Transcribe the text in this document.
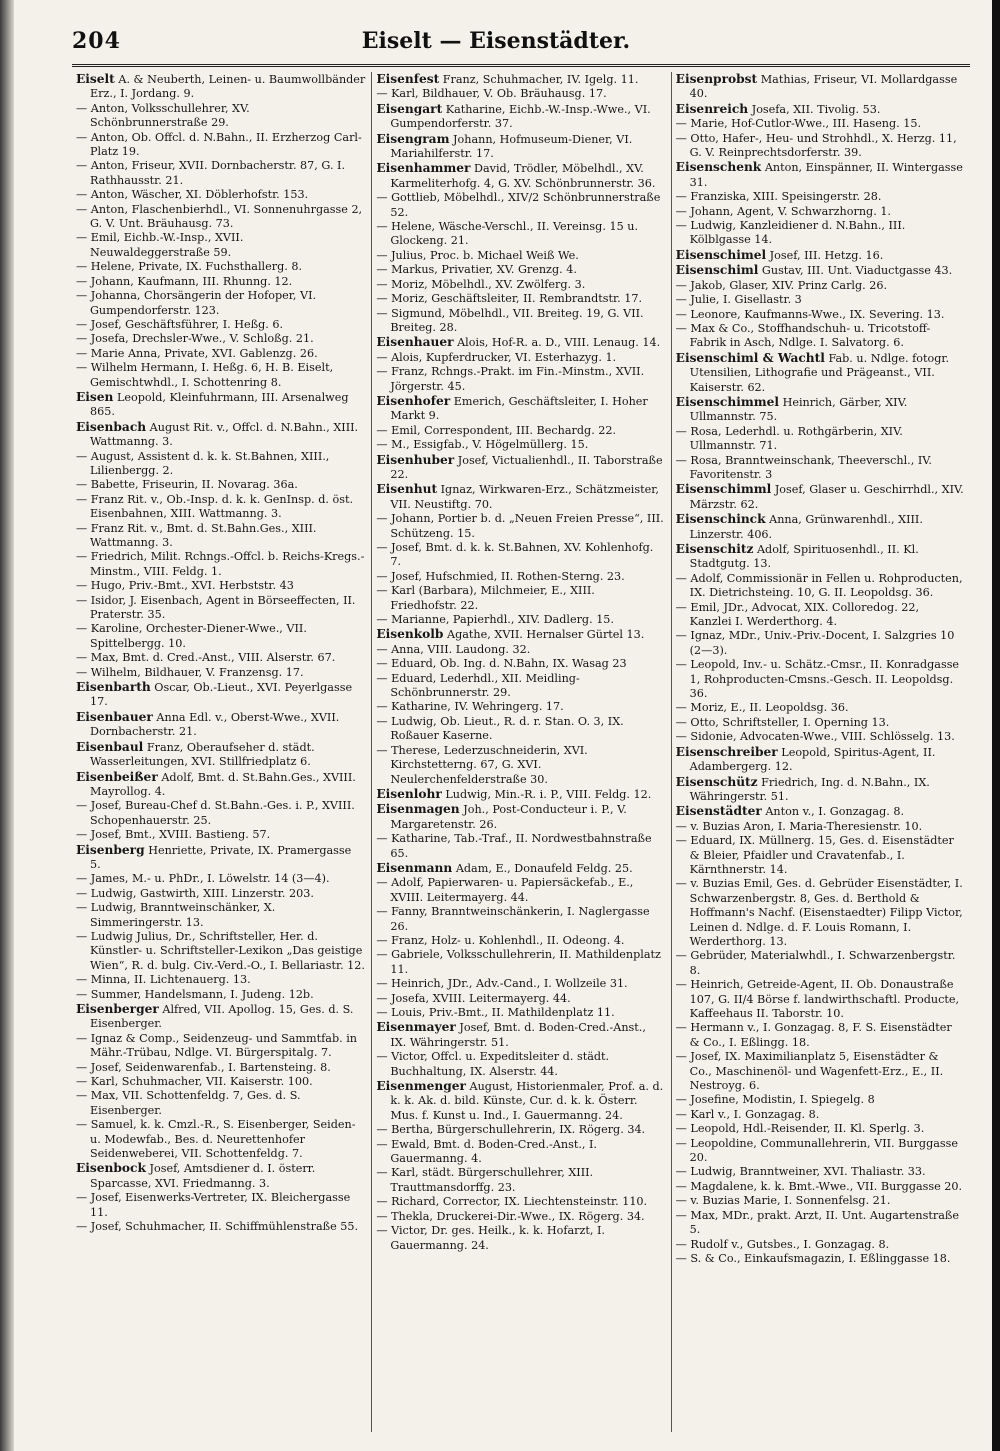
204	Eiselt — Eisenstädter.

Eiselt A. & Neuberth, Leinen- u. Baumwollbänder Erz., I. Jordang. 9.

— Anton, Volksschullehrer, XV. Schönbrunnerstraße 29.

— Anton, Ob. Offcl. d. N.Bahn., II. Erzherzog Carl-Platz 19.

— Anton, Friseur, XVII. Dornbacherstr. 87, G. I. Rathhausstr. 21.

— Anton, Wäscher, XI. Döblerhofstr. 153.

— Anton, Flaschenbierhdl., VI. Sonnenuhrgasse 2, G. V. Unt. Bräuhausg. 73.

— Emil, Eichb.-W.-Insp., XVII. Neuwaldeggerstraße 59.

— Helene, Private, IX. Fuchsthallerg. 8.

— Johann, Kaufmann, III. Rhunng. 12.

— Johanna, Chorsängerin der Hofoper, VI. Gumpendorferstr. 123.

— Josef, Geschäftsführer, I. Heßg. 6.

— Josefa, Drechsler-Wwe., V. Schloßg. 21.

— Marie Anna, Private, XVI. Gablenzg. 26.

— Wilhelm Hermann, I. Heßg. 6, H. B. Eiselt, Gemischtwhdl., I. Schottenring 8.

Eisen Leopold, Kleinfuhrmann, III. Arsenalweg 865.

Eisenbach August Rit. v., Offcl. d. N.Bahn., XIII. Wattmanng. 3.

— August, Assistent d. k. k. St.Bahnen, XIII., Lilienbergg. 2.

— Babette, Friseurin, II. Novarag. 36a.

— Franz Rit. v., Ob.-Insp. d. k. k. GenInsp. d. öst. Eisenbahnen, XIII. Wattmanng. 3.

— Franz Rit. v., Bmt. d. St.Bahn.Ges., XIII. Wattmanng. 3.

— Friedrich, Milit. Rchngs.-Offcl. b. Reichs-Kregs.-Minstm., VIII. Feldg. 1.

— Hugo, Priv.-Bmt., XVI. Herbststr. 43

— Isidor, J. Eisenbach, Agent in Börseeffecten, II. Praterstr. 35.

— Karoline, Orchester-Diener-Wwe., VII. Spittelbergg. 10.

— Max, Bmt. d. Cred.-Anst., VIII. Alserstr. 67.

— Wilhelm, Bildhauer, V. Franzensg. 17.

Eisenbarth Oscar, Ob.-Lieut., XVI. Peyerlgasse 17.

Eisenbauer Anna Edl. v., Oberst-Wwe., XVII. Dornbacherstr. 21.

Eisenbaul Franz, Oberaufseher d. städt. Wasserleitungen, XVI. Stillfriedplatz 6.

Eisenbeißer Adolf, Bmt. d. St.Bahn.Ges., XVIII. Mayrollog. 4.

— Josef, Bureau-Chef d. St.Bahn.-Ges. i. P., XVIII. Schopenhauerstr. 25.

— Josef, Bmt., XVIII. Bastieng. 57.

Eisenberg Henriette, Private, IX. Pramergasse 5.

— James, M.- u. PhDr., I. Löwelstr. 14 (3—4).

— Ludwig, Gastwirth, XIII. Linzerstr. 203.

— Ludwig, Branntweinschänker, X. Simmeringerstr. 13.

— Ludwig Julius, Dr., Schriftsteller, Her. d. Künstler- u. Schriftsteller-Lexikon „Das geistige Wien“, R. d. bulg. Civ.-Verd.-O., I. Bellariastr. 12.

— Minna, II. Lichtenauerg. 13.

— Summer, Handelsmann, I. Judeng. 12b.

Eisenberger Alfred, VII. Apollog. 15, Ges. d. S. Eisenberger.

— Ignaz & Comp., Seidenzeug- und Sammtfab. in Mähr.-Trübau, Ndlge. VI. Bürgerspitalg. 7.

— Josef, Seidenwarenfab., I. Bartensteing. 8.

— Karl, Schuhmacher, VII. Kaiserstr. 100.

— Max, VII. Schottenfeldg. 7, Ges. d. S. Eisenberger.

— Samuel, k. k. Cmzl.-R., S. Eisenberger, Seiden- u. Modewfab., Bes. d. Neurettenhofer Seidenweberei, VII. Schottenfeldg. 7.

Eisenbock Josef, Amtsdiener d. I. österr. Sparcasse, XVI. Friedmanng. 3.

— Josef, Eisenwerks-Vertreter, IX. Bleichergasse 11.

— Josef, Schuhmacher, II. Schiffmühlenstraße 55.

Eisenfest Franz, Schuhmacher, IV. Igelg. 11.

— Karl, Bildhauer, V. Ob. Bräuhausg. 17.

Eisengart Katharine, Eichb.-W.-Insp.-Wwe., VI. Gumpendorferstr. 37.

Eisengram Johann, Hofmuseum-Diener, VI. Mariahilferstr. 17.

Eisenhammer David, Trödler, Möbelhdl., XV. Karmeliterhofg. 4, G. XV. Schönbrunnerstr. 36.

— Gottlieb, Möbelhdl., XIV/2 Schönbrunnerstraße 52.

— Helene, Wäsche-Verschl., II. Vereinsg. 15 u. Glockeng. 21.

— Julius, Proc. b. Michael Weiß We.

— Markus, Privatier, XV. Grenzg. 4.

— Moriz, Möbelhdl., XV. Zwölferg. 3.

— Moriz, Geschäftsleiter, II. Rembrandtstr. 17.

— Sigmund, Möbelhdl., VII. Breiteg. 19, G. VII. Breiteg. 28.

Eisenhauer Alois, Hof-R. a. D., VIII. Lenaug. 14.

— Alois, Kupferdrucker, VI. Esterhazyg. 1.

— Franz, Rchngs.-Prakt. im Fin.-Minstm., XVII. Jörgerstr. 45.

Eisenhofer Emerich, Geschäftsleiter, I. Hoher Markt 9.

— Emil, Correspondent, III. Bechardg. 22.

— M., Essigfab., V. Högelmüllerg. 15.

Eisenhuber Josef, Victualienhdl., II. Taborstraße 22.

Eisenhut Ignaz, Wirkwaren-Erz., Schätzmeister, VII. Neustiftg. 70.

— Johann, Portier b. d. „Neuen Freien Presse“, III. Schützeng. 15.

— Josef, Bmt. d. k. k. St.Bahnen, XV. Kohlenhofg. 7.

— Josef, Hufschmied, II. Rothen-Sterng. 23.

— Karl (Barbara), Milchmeier, E., XIII. Friedhofstr. 22.

— Marianne, Papierhdl., XIV. Dadlerg. 15.

Eisenkolb Agathe, XVII. Hernalser Gürtel 13.

— Anna, VIII. Laudong. 32.

— Eduard, Ob. Ing. d. N.Bahn, IX. Wasag 23

— Eduard, Lederhdl., XII. Meidling-Schönbrunnerstr. 29.

— Katharine, IV. Wehringerg. 17.

— Ludwig, Ob. Lieut., R. d. r. Stan. O. 3, IX. Roßauer Kaserne.

— Therese, Lederzuschneiderin, XVI. Kirchstetterng. 67, G. XVI. Neulerchenfelderstraße 30.

Eisenlohr Ludwig, Min.-R. i. P., VIII. Feldg. 12.

Eisenmagen Joh., Post-Conducteur i. P., V. Margaretenstr. 26.

— Katharine, Tab.-Traf., II. Nordwestbahnstraße 65.

Eisenmann Adam, E., Donaufeld Feldg. 25.

— Adolf, Papierwaren- u. Papiersäckefab., E., XVIII. Leitermayerg. 44.

— Fanny, Branntweinschänkerin, I. Naglergasse 26.

— Franz, Holz- u. Kohlenhdl., II. Odeong. 4.

— Gabriele, Volksschullehrerin, II. Mathildenplatz 11.

— Heinrich, JDr., Adv.-Cand., I. Wollzeile 31.

— Josefa, XVIII. Leitermayerg. 44.

— Louis, Priv.-Bmt., II. Mathildenplatz 11.

Eisenmayer Josef, Bmt. d. Boden-Cred.-Anst., IX. Währingerstr. 51.

— Victor, Offcl. u. Expeditsleiter d. städt. Buchhaltung, IX. Alserstr. 44.

Eisenmenger August, Historienmaler, Prof. a. d. k. k. Ak. d. bild. Künste, Cur. d. k. k. Österr. Mus. f. Kunst u. Ind., I. Gauermanng. 24.

— Bertha, Bürgerschullehrerin, IX. Rögerg. 34.

— Ewald, Bmt. d. Boden-Cred.-Anst., I. Gauermanng. 4.

— Karl, städt. Bürgerschullehrer, XIII. Trauttmansdorffg. 23.

— Richard, Corrector, IX. Liechtensteinstr. 110.

— Thekla, Druckerei-Dir.-Wwe., IX. Rögerg. 34.

— Victor, Dr. ges. Heilk., k. k. Hofarzt, I. Gauermanng. 24.

Eisenprobst Mathias, Friseur, VI. Mollardgasse 40.

Eisenreich Josefa, XII. Tivolig. 53.

— Marie, Hof-Cutlor-Wwe., III. Haseng. 15.

— Otto, Hafer-, Heu- und Strohhdl., X. Herzg. 11, G. V. Reinprechtsdorferstr. 39.

Eisenschenk Anton, Einspänner, II. Wintergasse 31.

— Franziska, XIII. Speisingerstr. 28.

— Johann, Agent, V. Schwarzhorng. 1.

— Ludwig, Kanzleidiener d. N.Bahn., III. Kölblgasse 14.

Eisenschimel Josef, III. Hetzg. 16.

Eisenschiml Gustav, III. Unt. Viaductgasse 43.

— Jakob, Glaser, XIV. Prinz Carlg. 26.

— Julie, I. Gisellastr. 3

— Leonore, Kaufmanns-Wwe., IX. Severing. 13.

— Max & Co., Stoffhandschuh- u. Tricotstoff-Fabrik in Asch, Ndlge. I. Salvatorg. 6.

Eisenschiml & Wachtl Fab. u. Ndlge. fotogr. Utensilien, Lithografie und Prägeanst., VII. Kaiserstr. 62.

Eisenschimmel Heinrich, Gärber, XIV. Ullmannstr. 75.

— Rosa, Lederhdl. u. Rothgärberin, XIV. Ullmannstr. 71.

— Rosa, Branntweinschank, Theeverschl., IV. Favoritenstr. 3

Eisenschimml Josef, Glaser u. Geschirrhdl., XIV. Märzstr. 62.

Eisenschinck Anna, Grünwarenhdl., XIII. Linzerstr. 406.

Eisenschitz Adolf, Spirituosenhdl., II. Kl. Stadtgutg. 13.

— Adolf, Commissionär in Fellen u. Rohproducten, IX. Dietrichsteing. 10, G. II. Leopoldsg. 36.

— Emil, JDr., Advocat, XIX. Colloredog. 22, Kanzlei I. Werderthorg. 4.

— Ignaz, MDr., Univ.-Priv.-Docent, I. Salzgries 10 (2—3).

— Leopold, Inv.- u. Schätz.-Cmsr., II. Konradgasse 1, Rohproducten-Cmsns.-Gesch. II. Leopoldsg. 36.

— Moriz, E., II. Leopoldsg. 36.

— Otto, Schriftsteller, I. Operning 13.

— Sidonie, Advocaten-Wwe., VIII. Schlösselg. 13.

Eisenschreiber Leopold, Spiritus-Agent, II. Adambergerg. 12.

Eisenschütz Friedrich, Ing. d. N.Bahn., IX. Währingerstr. 51.

Eisenstädter Anton v., I. Gonzagag. 8.

— v. Buzias Aron, I. Maria-Theresienstr. 10.

— Eduard, IX. Müllnerg. 15, Ges. d. Eisenstädter & Bleier, Pfaidler und Cravatenfab., I. Kärnthnerstr. 14.

— v. Buzias Emil, Ges. d. Gebrüder Eisenstädter, I. Schwarzenbergstr. 8, Ges. d. Berthold & Hoffmann's Nachf. (Eisenstaedter) Filipp Victor, Leinen d. Ndlge. d. F. Louis Romann, I. Werderthorg. 13.

— Gebrüder, Materialwhdl., I. Schwarzenbergstr. 8.

— Heinrich, Getreide-Agent, II. Ob. Donaustraße 107, G. II/4 Börse f. landwirthschaftl. Producte, Kaffeehaus II. Taborstr. 10.

— Hermann v., I. Gonzagag. 8, F. S. Eisenstädter & Co., I. Eßlingg. 18.

— Josef, IX. Maximilianplatz 5, Eisenstädter & Co., Maschinenöl- und Wagenfett-Erz., E., II. Nestroyg. 6.

— Josefine, Modistin, I. Spiegelg. 8

— Karl v., I. Gonzagag. 8.

— Leopold, Hdl.-Reisender, II. Kl. Sperlg. 3.

— Leopoldine, Communallehrerin, VII. Burggasse 20.

— Ludwig, Branntweiner, XVI. Thaliastr. 33.

— Magdalene, k. k. Bmt.-Wwe., VII. Burggasse 20.

— v. Buzias Marie, I. Sonnenfelsg. 21.

— Max, MDr., prakt. Arzt, II. Unt. Augartenstraße 5.

— Rudolf v., Gutsbes., I. Gonzagag. 8.

— S. & Co., Einkaufsmagazin, I. Eßlinggasse 18.
